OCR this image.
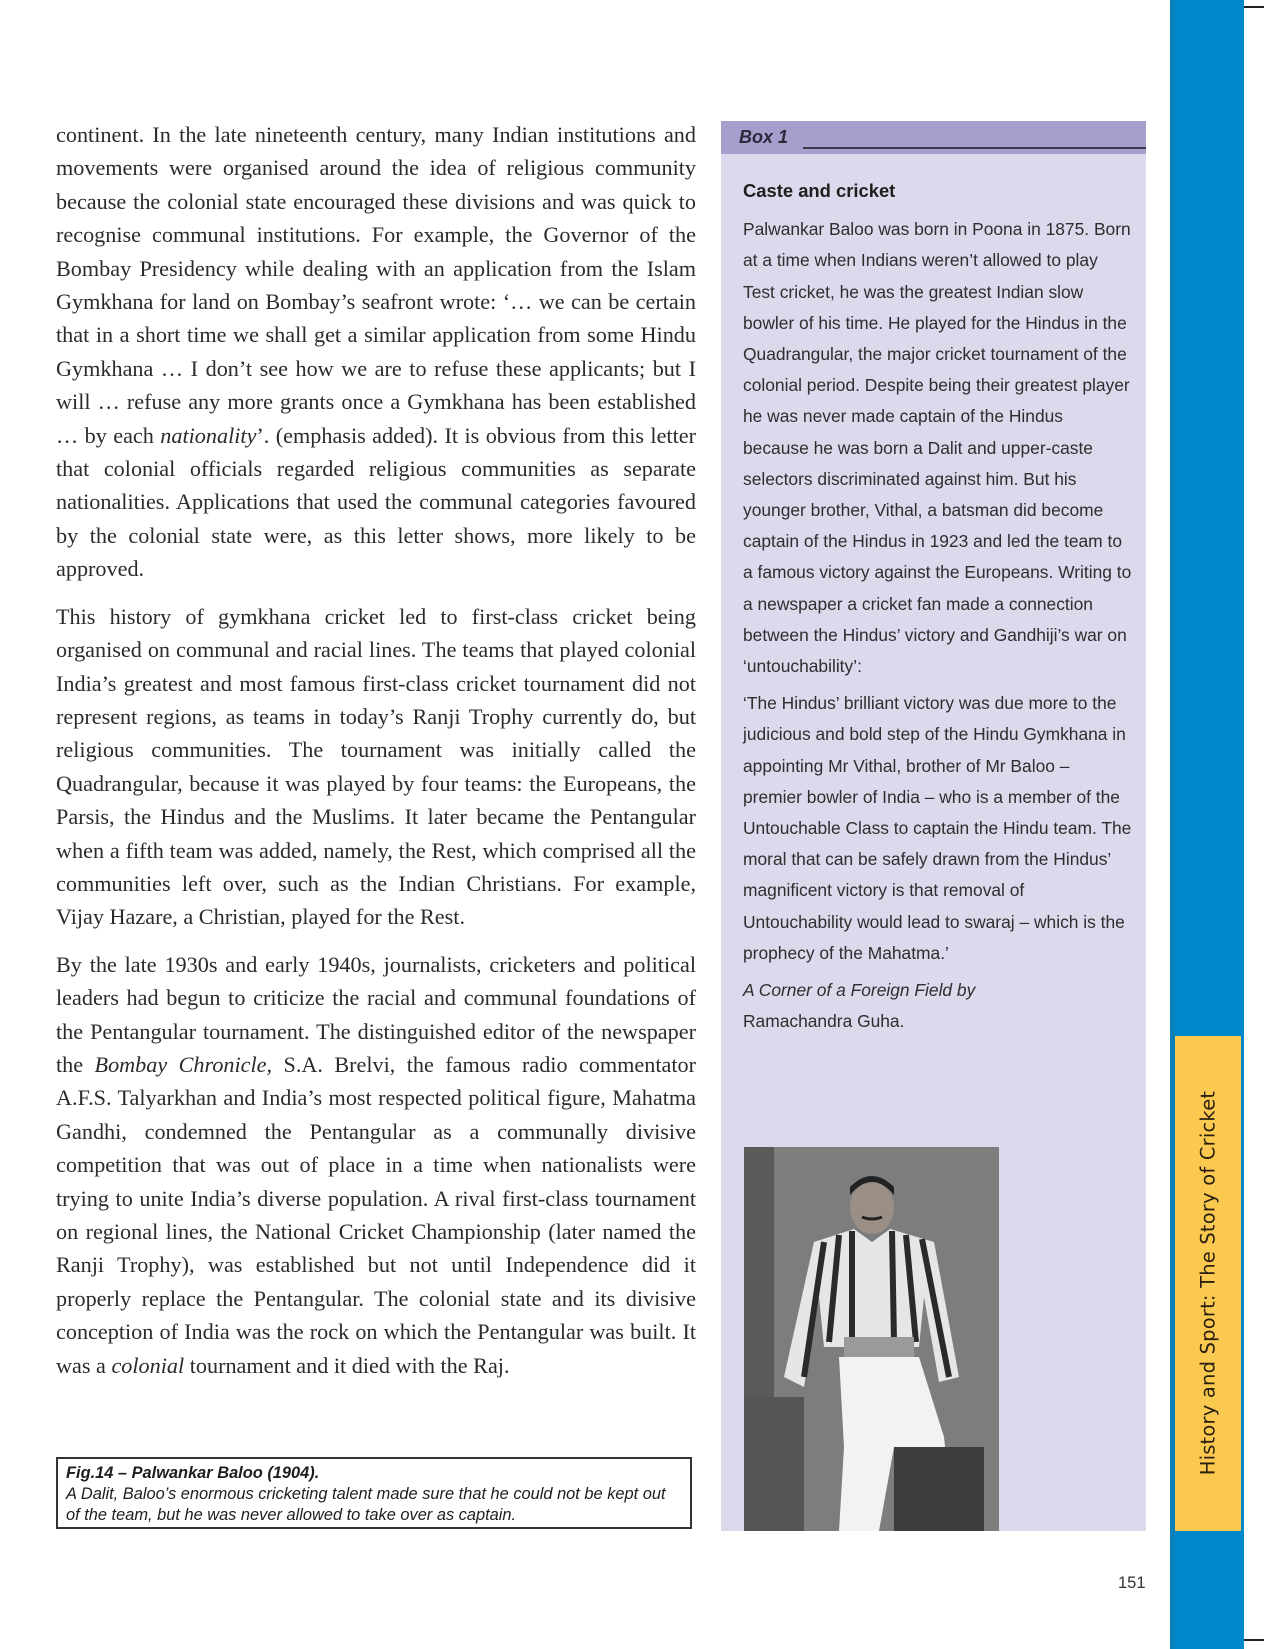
continent. In the late nineteenth century, many Indian institutions and movements were organised around the idea of religious community because the colonial state encouraged these divisions and was quick to recognise communal institutions. For example, the Governor of the Bombay Presidency while dealing with an application from the Islam Gymkhana for land on Bombay’s seafront wrote: ‘… we can be certain that in a short time we shall get a similar application from some Hindu Gymkhana … I don’t see how we are to refuse these applicants; but I will … refuse any more grants once a Gymkhana has been established … by each nationality’. (emphasis added). It is obvious from this letter that colonial officials regarded religious communities as separate nationalities. Applications that used the communal categories favoured by the colonial state were, as this letter shows, more likely to be approved.

This history of gymkhana cricket led to first-class cricket being organised on communal and racial lines. The teams that played colonial India’s greatest and most famous first-class cricket tournament did not represent regions, as teams in today’s Ranji Trophy currently do, but religious communities. The tournament was initially called the Quadrangular, because it was played by four teams: the Europeans, the Parsis, the Hindus and the Muslims. It later became the Pentangular when a fifth team was added, namely, the Rest, which comprised all the communities left over, such as the Indian Christians. For example, Vijay Hazare, a Christian, played for the Rest.

By the late 1930s and early 1940s, journalists, cricketers and political leaders had begun to criticize the racial and communal foundations of the Pentangular tournament. The distinguished editor of the newspaper the Bombay Chronicle, S.A. Brelvi, the famous radio commentator A.F.S. Talyarkhan and India’s most respected political figure, Mahatma Gandhi, condemned the Pentangular as a communally divisive competition that was out of place in a time when nationalists were trying to unite India’s diverse population. A rival first-class tournament on regional lines, the National Cricket Championship (later named the Ranji Trophy), was established but not until Independence did it properly replace the Pentangular. The colonial state and its divisive conception of India was the rock on which the Pentangular was built. It was a colonial tournament and it died with the Raj.

Box 1
Caste and cricket

Palwankar Baloo was born in Poona in 1875. Born at a time when Indians weren’t allowed to play Test cricket, he was the greatest Indian slow bowler of his time. He played for the Hindus in the Quadrangular, the major cricket tournament of the colonial period. Despite being their greatest player he was never made captain of the Hindus because he was born a Dalit and upper-caste selectors discriminated against him. But his younger brother, Vithal, a batsman did become captain of the Hindus in 1923 and led the team to a famous victory against the Europeans. Writing to a newspaper a cricket fan made a connection between the Hindus’ victory and Gandhiji’s war on ‘untouchability’:

‘The Hindus’ brilliant victory was due more to the judicious and bold step of the Hindu Gymkhana in appointing Mr Vithal, brother of Mr Baloo – premier bowler of India – who is a member of the Untouchable Class to captain the Hindu team. The moral that can be safely drawn from the Hindus’ magnificent victory is that removal of Untouchability would lead to swaraj – which is the prophecy of the Mahatma.’

A Corner of a Foreign Field by
Ramachandra Guha.

Fig.14 – Palwankar Baloo (1904).
A Dalit, Baloo’s enormous cricketing talent made sure that he could not be kept out of the team, but he was never allowed to take over as captain.
History and Sport: The Story of Cricket
151
